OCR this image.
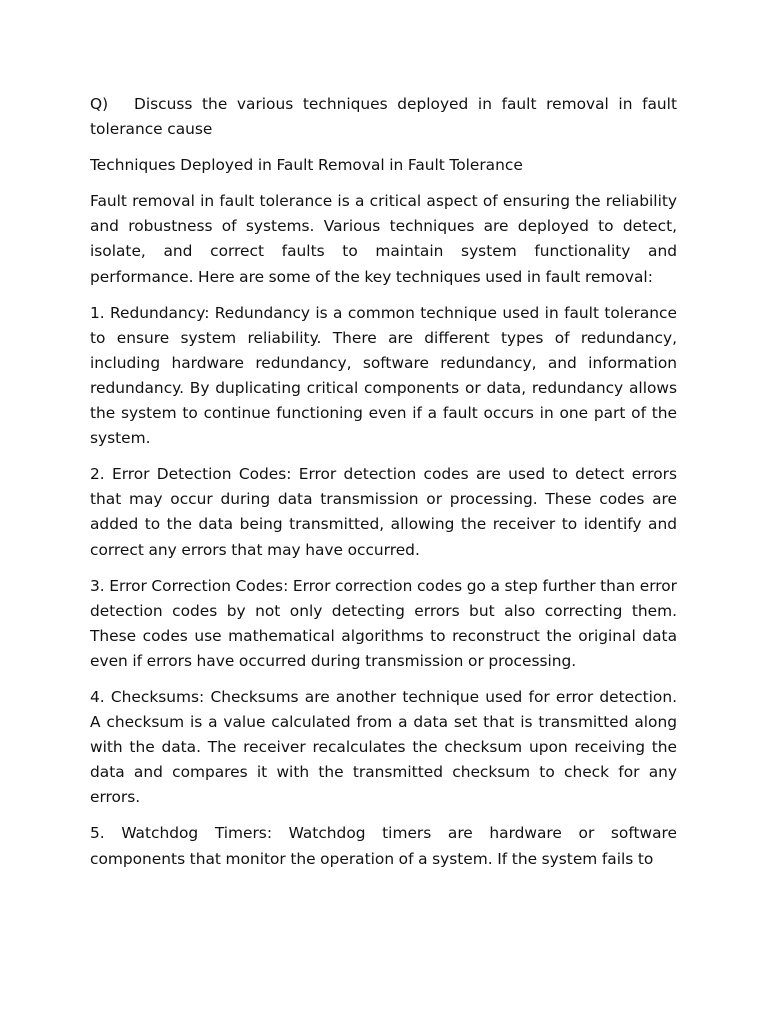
Q) Discuss the various techniques deployed in fault removal in fault tolerance cause

Techniques Deployed in Fault Removal in Fault Tolerance

Fault removal in fault tolerance is a critical aspect of ensuring the reliability and robustness of systems. Various techniques are deployed to detect, isolate, and correct faults to maintain system functionality and performance. Here are some of the key techniques used in fault removal:

1. Redundancy: Redundancy is a common technique used in fault tolerance to ensure system reliability. There are different types of redundancy, including hardware redundancy, software redundancy, and information redundancy. By duplicating critical components or data, redundancy allows the system to continue functioning even if a fault occurs in one part of the system.

2. Error Detection Codes: Error detection codes are used to detect errors that may occur during data transmission or processing. These codes are added to the data being transmitted, allowing the receiver to identify and correct any errors that may have occurred.

3. Error Correction Codes: Error correction codes go a step further than error detection codes by not only detecting errors but also correcting them. These codes use mathematical algorithms to reconstruct the original data even if errors have occurred during transmission or processing.

4. Checksums: Checksums are another technique used for error detection. A checksum is a value calculated from a data set that is transmitted along with the data. The receiver recalculates the checksum upon receiving the data and compares it with the transmitted checksum to check for any errors.

5. Watchdog Timers: Watchdog timers are hardware or software components that monitor the operation of a system. If the system fails to
